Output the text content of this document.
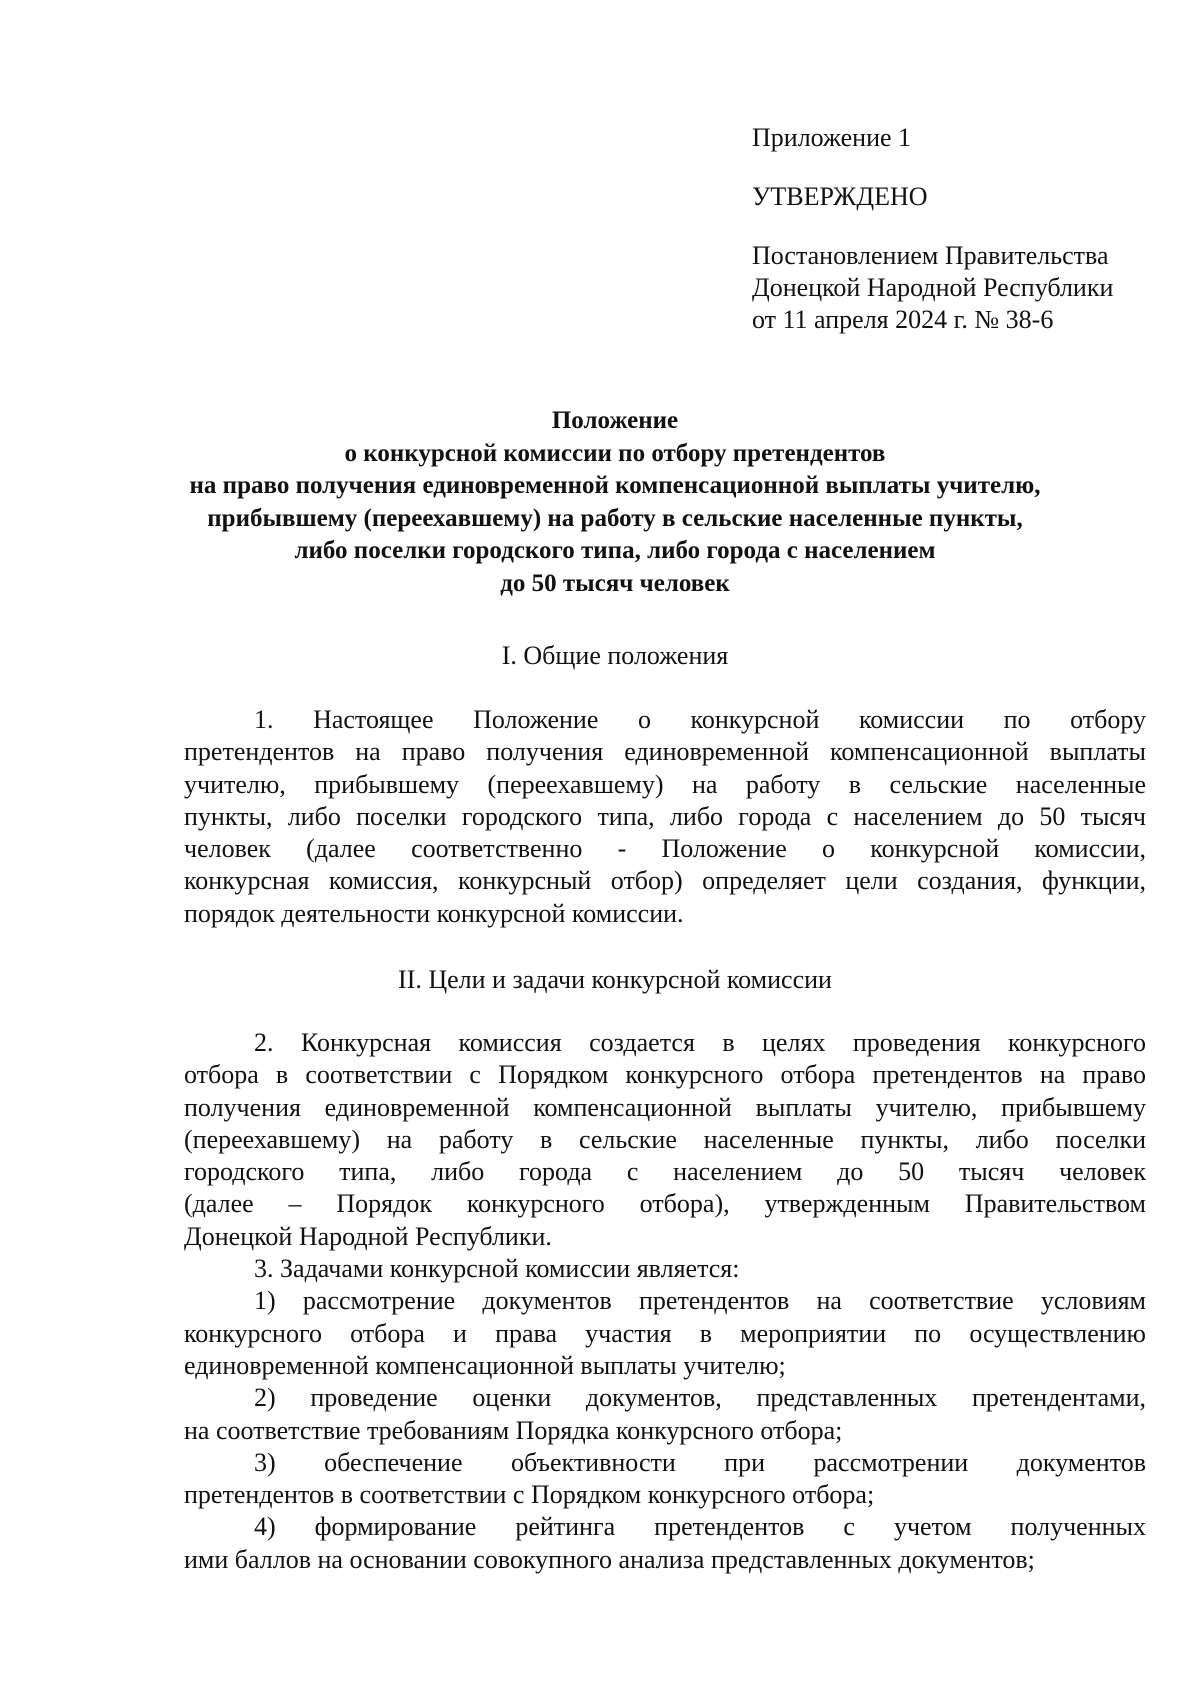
Приложение 1
УТВЕРЖДЕНО
Постановлением Правительства
Донецкой Народной Республики
от 11 апреля 2024 г. № 38-6
Положение
о конкурсной комиссии по отбору претендентов
на право получения единовременной компенсационной выплаты учителю,
прибывшему (переехавшему) на работу в сельские населенные пункты,
либо поселки городского типа, либо города с населением
до 50 тысяч человек
I. Общие положения
1. Настоящее Положение о конкурсной комиссии по отбору
претендентов на право получения единовременной компенсационной выплаты
учителю, прибывшему (переехавшему) на работу в сельские населенные
пункты, либо поселки городского типа, либо города с населением до 50 тысяч
человек (далее соответственно - Положение о конкурсной комиссии,
конкурсная комиссия, конкурсный отбор) определяет цели создания, функции,
порядок деятельности конкурсной комиссии.
II. Цели и задачи конкурсной комиссии
2. Конкурсная комиссия создается в целях проведения конкурсного
отбора в соответствии с Порядком конкурсного отбора претендентов на право
получения единовременной компенсационной выплаты учителю, прибывшему
(переехавшему) на работу в сельские населенные пункты, либо поселки
городского типа, либо города с населением до 50 тысяч человек
(далее – Порядок конкурсного отбора), утвержденным Правительством
Донецкой Народной Республики.
3. Задачами конкурсной комиссии является:
1) рассмотрение документов претендентов на соответствие условиям
конкурсного отбора и права участия в мероприятии по осуществлению
единовременной компенсационной выплаты учителю;
2) проведение оценки документов, представленных претендентами,
на соответствие требованиям Порядка конкурсного отбора;
3) обеспечение объективности при рассмотрении документов
претендентов в соответствии с Порядком конкурсного отбора;
4) формирование рейтинга претендентов с учетом полученных
ими баллов на основании совокупного анализа представленных документов;
